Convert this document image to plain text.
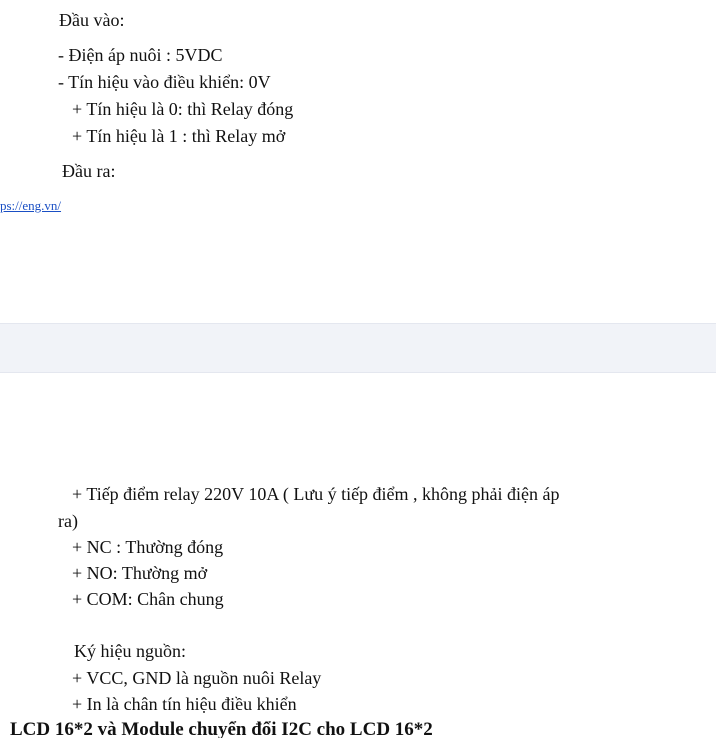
Đầu vào:
- Điện áp nuôi : 5VDC
- Tín hiệu vào điều khiển: 0V
+ Tín hiệu là 0: thì Relay đóng
+ Tín hiệu là 1 : thì Relay mở
Đầu ra:
ps://eng.vn/
+ Tiếp điểm relay 220V 10A ( Lưu ý tiếp điểm , không phải điện áp
ra)
+ NC : Thường đóng
+ NO: Thường mở
+ COM: Chân chung
Ký hiệu nguồn:
+ VCC, GND là nguồn nuôi Relay
+ In là chân tín hiệu điều khiển
LCD 16*2 và Module chuyển đổi I2C cho LCD 16*2
